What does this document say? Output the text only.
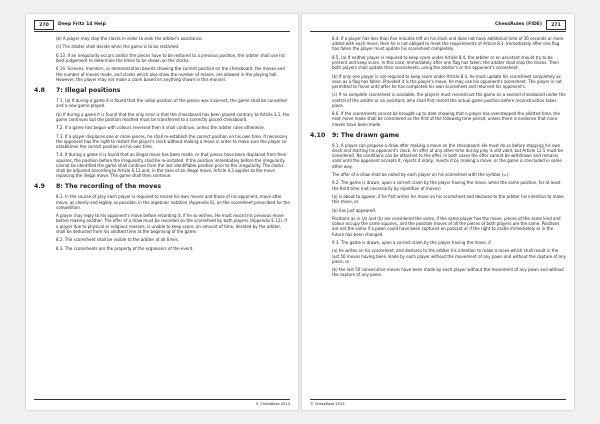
270	Deep Fritz 14 Help
(b) A player may stop the clocks in order to seek the arbiter's assistance.
(c) The arbiter shall decide when the game is to be restarted.
6.13. If an irregularity occurs and/or the pieces have to be restored to a previous position, the arbiter shall use his best judgement to determine the times to be shown on the clocks.
6.14. Screens, monitors, or demonstration boards showing the current position on the chessboard, the moves and the number of moves made, and clocks which also show the number of moves, are allowed in the playing hall. However, the player may not make a claim based on anything shown in this manner.
4.8	7: Illegal positions
7.1. (a) If during a game it is found that the initial position of the pieces was incorrect, the game shall be cancelled and a new game played.
(b) If during a game it is found that the only error is that the chessboard has been placed contrary to Article 2.1, the game continues but the position reached must be transferred to a correctly placed chessboard.
7.2. If a game has begun with colours reversed then it shall continue, unless the arbiter rules otherwise.
7.3. If a player displaces one or more pieces, he shall re-establish the correct position on his own time. If necessary the opponent has the right to restart the player's clock without making a move in order to make sure the player re-establishes the correct position on his own time.
7.4. If during a game it is found that an illegal move has been made, or that pieces have been displaced from their squares, the position before the irregularity shall be re-instated. If the position immediately before the irregularity cannot be identified the game shall continue from the last identifiable position prior to the irregularity. The clocks shall be adjusted according to Article 6.13 and, in the case of an illegal move, Article 4.3 applies to the move replacing the illegal move. The game shall then continue.
4.9	8: The recording of the moves
8.1. In the course of play each player is required to record his own moves and those of his opponent, move after move, as clearly and legibly as possible, in the algebraic notation (Appendix E), on the scoresheet prescribed for the competition.
A player may reply to his opponent's move before recording it, if he so wishes. He must record his previous move before making another. The offer of a draw must be recorded on the scoresheet by both players (Appendix E.12). If a player due to physical or religious reasons, is unable to keep score, an amount of time, decided by the arbiter, shall be deducted from his allotted time at the beginning of the game.
8.2. The scoresheet shall be visible to the arbiter at all times.
8.3. The scoresheets are the property of the organisers of the event.
© ChessBase 2013
ChessRules (FIDE)	271
8.4. If a player has less than five minutes left on his clock and does not have additional time of 30 seconds or more added with each move, then he is not obliged to meet the requirements of Article 8.1. Immediately after one flag has fallen the player must update his scoresheet completely.
8.5. (a) If neither player is required to keep score under Article 8.4, the arbiter or an assistant should try to be present and keep score. In this case, immediately after one flag has fallen, the arbiter shall stop the clocks. Then both players shall update their scoresheets, using the arbiter's or the opponent's scoresheet.
(b) If only one player is not required to keep score under Article 8.4, he must update his scoresheet completely as soon as a flag has fallen. Provided it is the player's move, he may use his opponent's scoresheet. The player is not permitted to move until after he has completed his own scoresheet and returned his opponent's.
(c) If no complete scoresheet is available, the players must reconstruct the game on a second chessboard under the control of the arbiter or an assistant, who shall first record the actual game position before reconstruction takes place.
8.6. If the scoresheets cannot be brought up to date showing that a player has overstepped the allotted time, the next move made shall be considered as the first of the following time period, unless there is evidence that more moves have been made.
4.10	9: The drawn game
9.1. A player can propose a draw after making a move on the chessboard. He must do so before stopping his own clock and starting his opponent's clock. An offer at any other time during play is still valid, but Article 12.5 must be considered. No conditions can be attached to the offer. In both cases the offer cannot be withdrawn and remains valid until the opponent accepts it, rejects it orally, rejects it by making a move, or the game is concluded in some other way.
The offer of a draw shall be noted by each player on his scoresheet with the symbol (=).
9.2. The game is drawn, upon a correct claim by the player having the move, when the same position, for at least the third time (not necessarily by repetition of moves)
(a) is about to appear, if he first writes his move on his scoresheet and declares to the arbiter his intention to make this move, or
(b) has just appeared.
Positions as in (a) and (b) are considered the same, if the same player has the move, pieces of the same kind and colour occupy the same squares, and the possible moves of all the pieces of both players are the same. Positions are not the same if a pawn could have been captured en passant or if the right to castle immediately or in the future has been changed.
9.3. The game is drawn, upon a correct claim by the player having the move, if
(a) he writes on his scoresheet, and declares to the arbiter his intention to make a move which shall result in the last 50 moves having been made by each player without the movement of any pawn and without the capture of any piece, or
(b) the last 50 consecutive moves have been made by each player without the movement of any pawn and without the capture of any piece.
© ChessBase 2013
